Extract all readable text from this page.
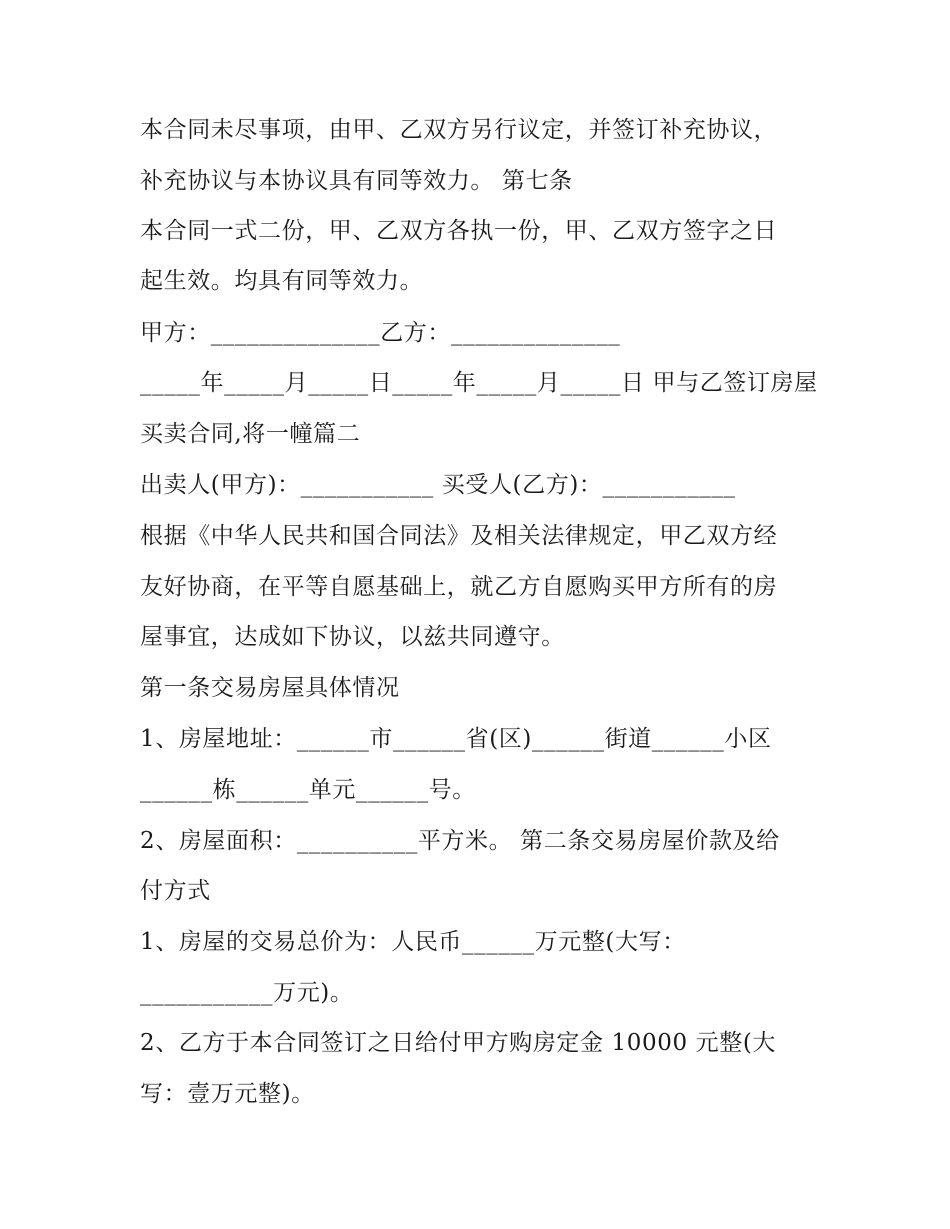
本合同未尽事项，由甲、乙双方另行议定，并签订补充协议，
补充协议与本协议具有同等效力。 第七条
本合同一式二份，甲、乙双方各执一份，甲、乙双方签字之日
起生效。均具有同等效力。
甲方：______________乙方：______________
_____年_____月_____日_____年_____月_____日 甲与乙签订房屋
买卖合同,将一幢篇二
出卖人(甲方)：___________ 买受人(乙方)：___________
根据《中华人民共和国合同法》及相关法律规定，甲乙双方经
友好协商，在平等自愿基础上，就乙方自愿购买甲方所有的房
屋事宜，达成如下协议，以兹共同遵守。
第一条交易房屋具体情况
1、房屋地址：______市______省(区)______街道______小区
______栋______单元______号。
2、房屋面积：__________平方米。 第二条交易房屋价款及给
付方式
1、房屋的交易总价为：人民币______万元整(大写：
___________万元)。
2、乙方于本合同签订之日给付甲方购房定金 10000 元整(大
写：壹万元整)。
